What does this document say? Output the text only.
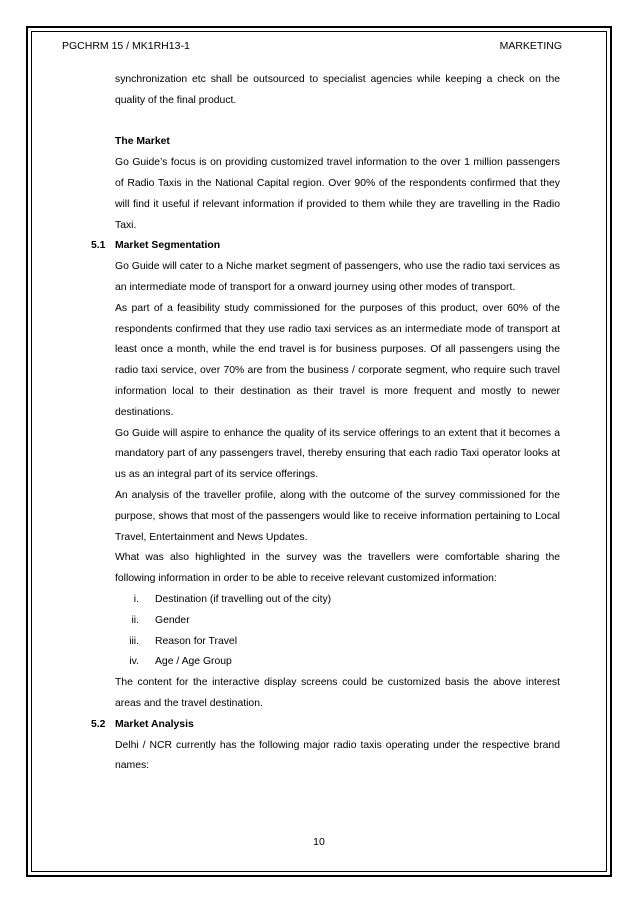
PGCHRM 15 / MK1RH13-1	MARKETING

synchronization etc shall be outsourced to specialist agencies while keeping a check on the quality of the final product.

The Market

Go Guide’s focus is on providing customized travel information to the over 1 million passengers of Radio Taxis in the National Capital region. Over 90% of the respondents confirmed that they will find it useful if relevant information if provided to them while they are travelling in the Radio Taxi.

5.1 Market Segmentation

Go Guide will cater to a Niche market segment of passengers, who use the radio taxi services as an intermediate mode of transport for a onward journey using other modes of transport.

As part of a feasibility study commissioned for the purposes of this product, over 60% of the respondents confirmed that they use radio taxi services as an intermediate mode of transport at least once a month, while the end travel is for business purposes. Of all passengers using the radio taxi service, over 70% are from the business / corporate segment, who require such travel information local to their destination as their travel is more frequent and mostly to newer destinations.

Go Guide will aspire to enhance the quality of its service offerings to an extent that it becomes a mandatory part of any passengers travel, thereby ensuring that each radio Taxi operator looks at us as an integral part of its service offerings.

An analysis of the traveller profile, along with the outcome of the survey commissioned for the purpose, shows that most of the passengers would like to receive information pertaining to Local Travel, Entertainment and News Updates.

What was also highlighted in the survey was the travellers were comfortable sharing the following information in order to be able to receive relevant customized information:

i. Destination (if travelling out of the city)
ii. Gender
iii. Reason for Travel
iv. Age / Age Group

The content for the interactive display screens could be customized basis the above interest areas and the travel destination.

5.2 Market Analysis

Delhi / NCR currently has the following major radio taxis operating under the respective brand names:

10
